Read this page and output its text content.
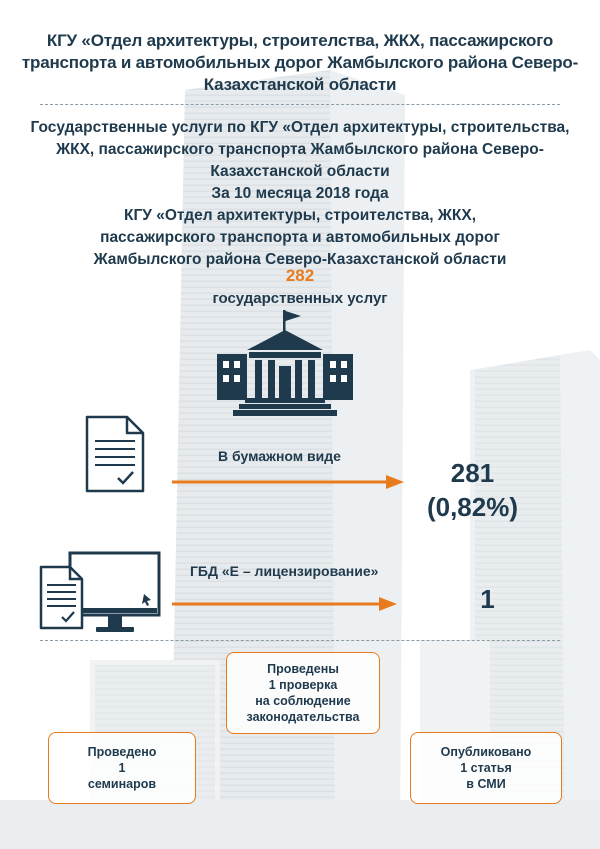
КГУ «Отдел архитектуры, строителства, ЖКХ, пассажирского
транспорта и автомобильных дорог Жамбылского района Северо-
Казахстанской области
Государственные услуги по КГУ «Отдел архитектуры, строительства,
ЖКХ, пассажирского транспорта Жамбылского района Северо-
Казахстанской области
За 10 месяца 2018 года
КГУ «Отдел архитектуры, строителства, ЖКХ,
пассажирского транспорта и автомобильных дорог
Жамбылского района Северо-Казахстанской области
282
государственных услуг
В бумажном виде
281
(0,82%)
ГБД «Е – лицензирование»
1
Проведены
1 проверка
на соблюдение
законодательства
Проведено
1
семинаров
Опубликовано
1 статья
в СМИ
